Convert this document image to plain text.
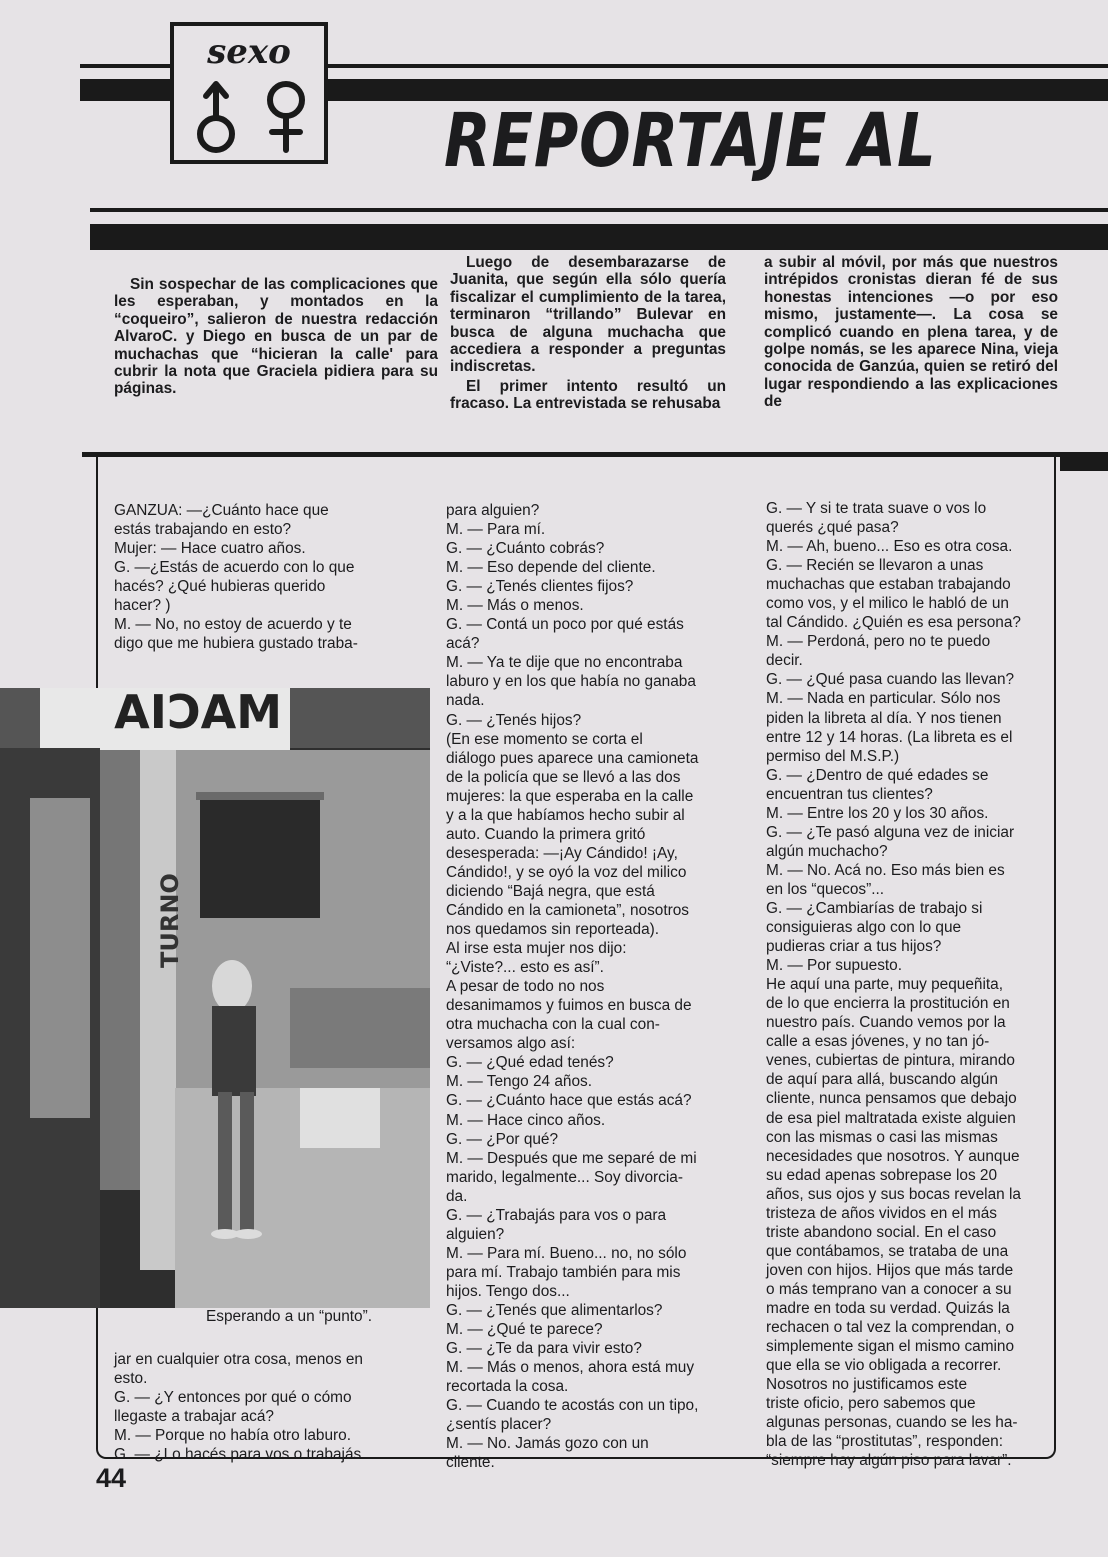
REPORTAJE AL
sexo

Sin sospechar de las complicaciones que les esperaban, y montados en la “coqueiro”, salieron de nuestra redacción AlvaroC. y Diego en busca de un par de muchachas que “hicieran la calle' para cubrir la nota que Graciela pidiera para su páginas.

Luego de desembarazarse de Juanita, que según ella sólo quería fiscalizar el cumplimiento de la tarea, terminaron “trillando” Bulevar en busca de alguna muchacha que accediera a responder a preguntas indiscretas.

El primer intento resultó un fracaso. La entrevistada se rehusaba

a subir al móvil, por más que nuestros intrépidos cronistas dieran fé de sus honestas intenciones —o por eso mismo, justamente—. La cosa se complicó cuando en plena tarea, y de golpe nomás, se les aparece Nina, vieja conocida de Ganzúa, quien se retiró del lugar respondiendo a las explicaciones de

MACIA
TURNO
Esperando a un “punto”.
GANZUA: —¿Cuánto hace que
estás trabajando en esto?
Mujer: — Hace cuatro años.
G. —¿Estás de acuerdo con lo que
hacés? ¿Qué hubieras querido
hacer? )
M. — No, no estoy de acuerdo y te
digo que me hubiera gustado traba-
jar en cualquier otra cosa, menos en
esto.
G. — ¿Y entonces por qué o cómo
llegaste a trabajar acá?
M. — Porque no había otro laburo.
G. — ¿Lo hacés para vos o trabajás
para alguien?
M. — Para mí.
G. — ¿Cuánto cobrás?
M. — Eso depende del cliente.
G. — ¿Tenés clientes fijos?
M. — Más o menos.
G. — Contá un poco por qué estás
acá?
M. — Ya te dije que no encontraba
laburo y en los que había no ganaba
nada.
G. — ¿Tenés hijos?
(En ese momento se corta el
diálogo pues aparece una camioneta
de la policía que se llevó a las dos
mujeres: la que esperaba en la calle
y a la que habíamos hecho subir al
auto. Cuando la primera gritó
desesperada: —¡Ay Cándido! ¡Ay,
Cándido!, y se oyó la voz del milico
diciendo “Bajá negra, que está
Cándido en la camioneta”, nosotros
nos quedamos sin reporteada).
Al irse esta mujer nos dijo:
“¿Viste?... esto es así”.
A pesar de todo no nos
desanimamos y fuimos en busca de
otra muchacha con la cual con-
versamos algo así:
G. — ¿Qué edad tenés?
M. — Tengo 24 años.
G. — ¿Cuánto hace que estás acá?
M. — Hace cinco años.
G. — ¿Por qué?
M. — Después que me separé de mi
marido, legalmente... Soy divorcia-
da.
G. — ¿Trabajás para vos o para
alguien?
M. — Para mí. Bueno... no, no sólo
para mí. Trabajo también para mis
hijos. Tengo dos...
G. — ¿Tenés que alimentarlos?
M. — ¿Qué te parece?
G. — ¿Te da para vivir esto?
M. — Más o menos, ahora está muy
recortada la cosa.
G. — Cuando te acostás con un tipo,
¿sentís placer?
M. — No. Jamás gozo con un
cliente.
G. — Y si te trata suave o vos lo
querés ¿qué pasa?
M. — Ah, bueno... Eso es otra cosa.
G. — Recién se llevaron a unas
muchachas que estaban trabajando
como vos, y el milico le habló de un
tal Cándido. ¿Quién es esa persona?
M. — Perdoná, pero no te puedo
decir.
G. — ¿Qué pasa cuando las llevan?
M. — Nada en particular. Sólo nos
piden la libreta al día. Y nos tienen
entre 12 y 14 horas. (La libreta es el
permiso del M.S.P.)
G. — ¿Dentro de qué edades se
encuentran tus clientes?
M. — Entre los 20 y los 30 años.
G. — ¿Te pasó alguna vez de iniciar
algún muchacho?
M. — No. Acá no. Eso más bien es
en los “quecos”...
G. — ¿Cambiarías de trabajo si
consiguieras algo con lo que
pudieras criar a tus hijos?
M. — Por supuesto.
He aquí una parte, muy pequeñita,
de lo que encierra la prostitución en
nuestro país. Cuando vemos por la
calle a esas jóvenes, y no tan jó-
venes, cubiertas de pintura, mirando
de aquí para allá, buscando algún
cliente, nunca pensamos que debajo
de esa piel maltratada existe alguien
con las mismas o casi las mismas
necesidades que nosotros. Y aunque
su edad apenas sobrepase los 20
años, sus ojos y sus bocas revelan la
tristeza de años vividos en el más
triste abandono social. En el caso
que contábamos, se trataba de una
joven con hijos. Hijos que más tarde
o más temprano van a conocer a su
madre en toda su verdad. Quizás la
rechacen o tal vez la comprendan, o
simplemente sigan el mismo camino
que ella se vio obligada a recorrer.
Nosotros no justificamos este
triste oficio, pero sabemos que
algunas personas, cuando se les ha-
bla de las “prostitutas”, responden:
“siempre hay algún piso para lavar”.
44
